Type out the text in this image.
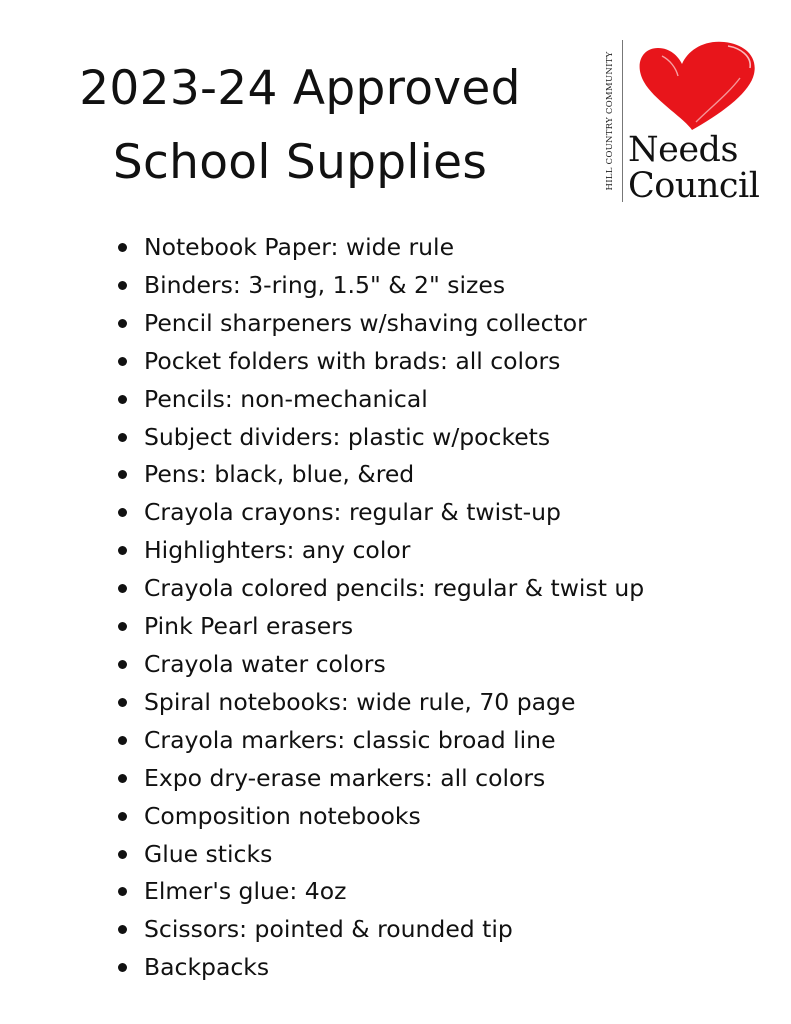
2023-24 Approved
School Supplies	HILL COUNTRY COMMUNITY Needs
Council
Notebook Paper: wide rule
Binders: 3-ring, 1.5" & 2" sizes
Pencil sharpeners w/shaving collector
Pocket folders with brads: all colors
Pencils: non-mechanical
Subject dividers: plastic w/pockets
Pens: black, blue, &red
Crayola crayons: regular & twist-up
Highlighters: any color
Crayola colored pencils: regular & twist up
Pink Pearl erasers
Crayola water colors
Spiral notebooks: wide rule, 70 page
Crayola markers: classic broad line
Expo dry-erase markers: all colors
Composition notebooks
Glue sticks
Elmer's glue: 4oz
Scissors: pointed & rounded tip
Backpacks
